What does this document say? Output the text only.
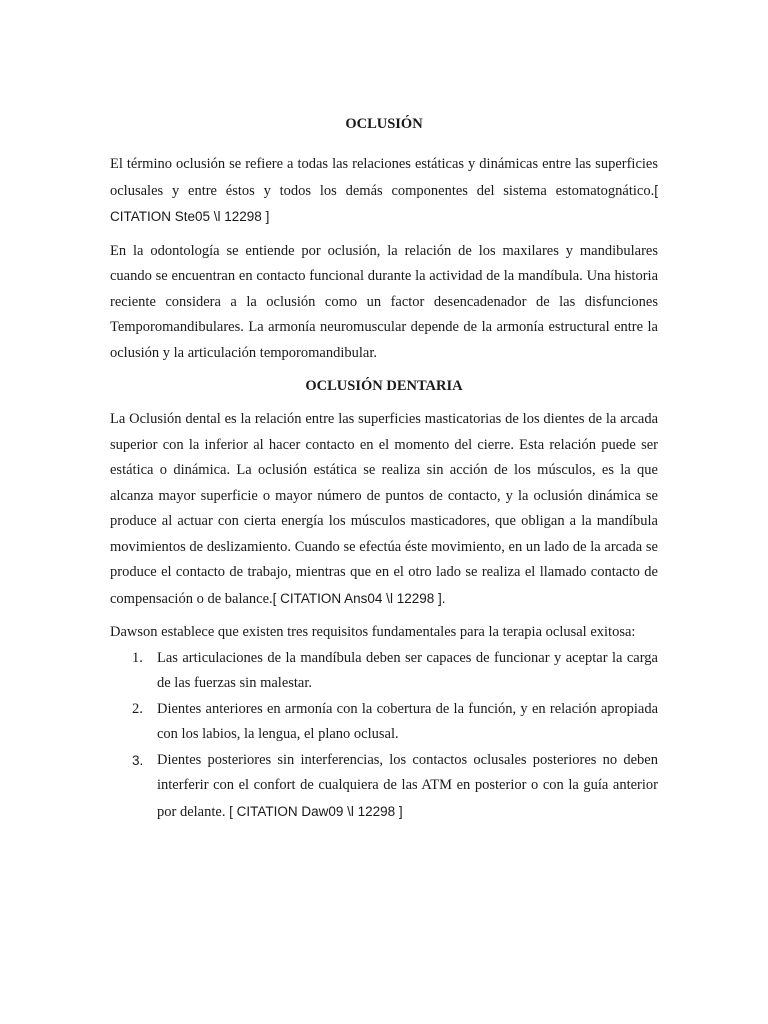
OCLUSIÓN

El término oclusión se refiere a todas las relaciones estáticas y dinámicas entre las superficies oclusales y entre éstos y todos los demás componentes del sistema estomatognático.[ CITATION Ste05 \l 12298 ]

En la odontología se entiende por oclusión, la relación de los maxilares y mandibulares cuando se encuentran en contacto funcional durante la actividad de la mandíbula. Una historia reciente considera a la oclusión como un factor desencadenador de las disfunciones Temporomandibulares. La armonía neuromuscular depende de la armonía estructural entre la oclusión y la articulación temporomandibular.

OCLUSIÓN DENTARIA

La Oclusión dental es la relación entre las superficies masticatorias de los dientes de la arcada superior con la inferior al hacer contacto en el momento del cierre. Esta relación puede ser estática o dinámica. La oclusión estática se realiza sin acción de los músculos, es la que alcanza mayor superficie o mayor número de puntos de contacto, y la oclusión dinámica se produce al actuar con cierta energía los músculos masticadores, que obligan a la mandíbula movimientos de deslizamiento. Cuando se efectúa éste movimiento, en un lado de la arcada se produce el contacto de trabajo, mientras que en el otro lado se realiza el llamado contacto de compensación o de balance.[ CITATION Ans04 \l 12298 ].

Dawson establece que existen tres requisitos fundamentales para la terapia oclusal exitosa:

1. Las articulaciones de la mandíbula deben ser capaces de funcionar y aceptar la carga de las fuerzas sin malestar.
2. Dientes anteriores en armonía con la cobertura de la función, y en relación apropiada con los labios, la lengua, el plano oclusal.
3. Dientes posteriores sin interferencias, los contactos oclusales posteriores no deben interferir con el confort de cualquiera de las ATM en posterior o con la guía anterior por delante. [ CITATION Daw09 \l 12298 ]
